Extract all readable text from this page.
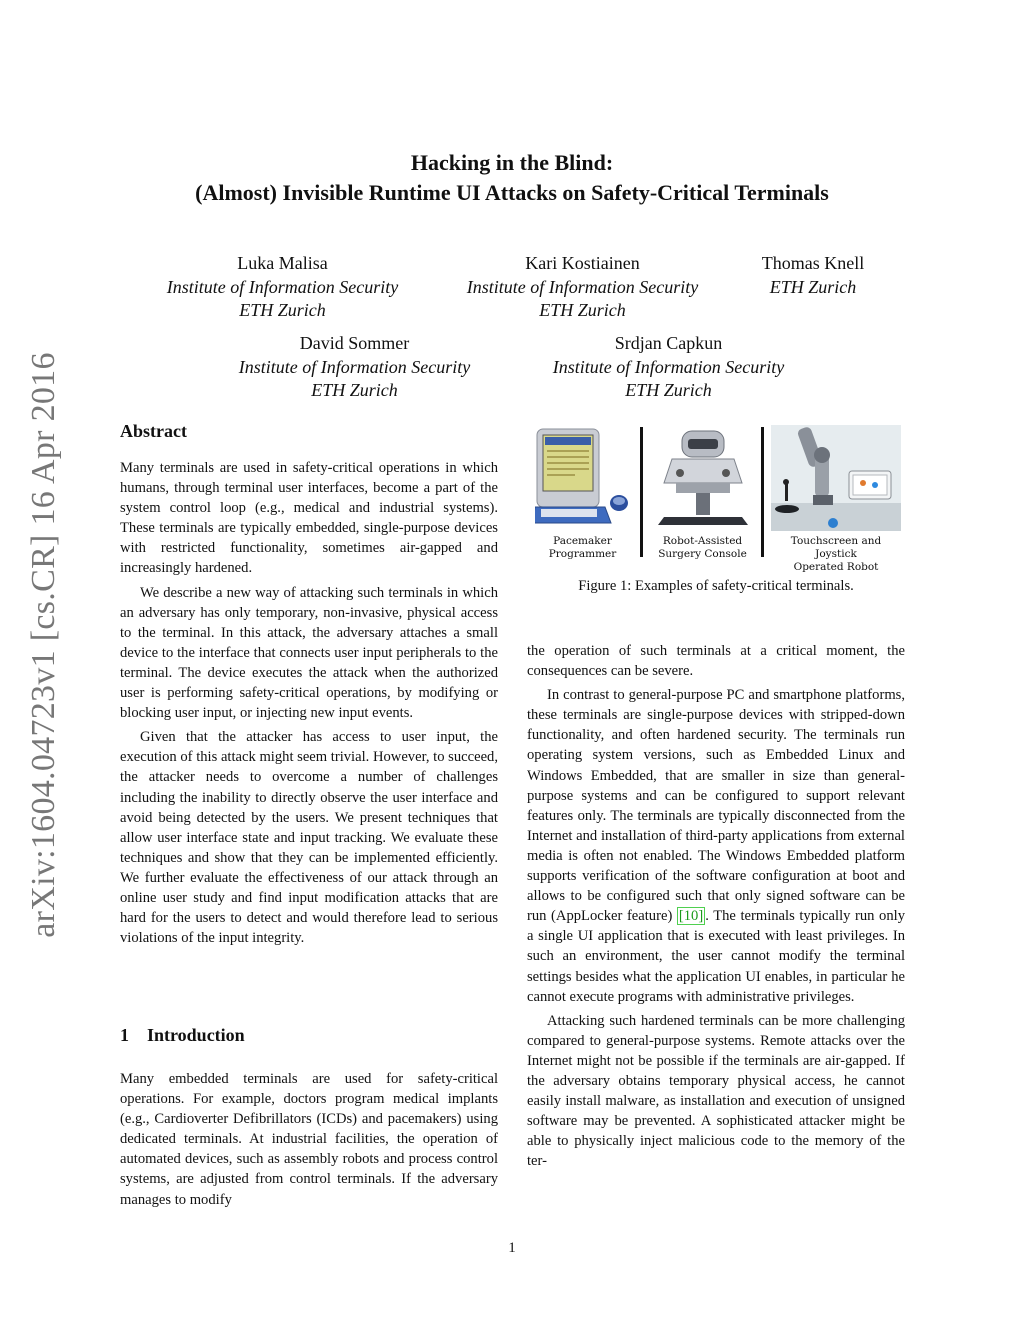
arXiv:1604.04723v1 [cs.CR] 16 Apr 2016
Hacking in the Blind:
(Almost) Invisible Runtime UI Attacks on Safety-Critical Terminals
Luka Malisa
Institute of Information Security
ETH Zurich
Kari Kostiainen
Institute of Information Security
ETH Zurich
Thomas Knell
ETH Zurich
David Sommer
Institute of Information Security
ETH Zurich
Srdjan Capkun
Institute of Information Security
ETH Zurich
Abstract

Many terminals are used in safety-critical operations in which humans, through terminal user interfaces, become a part of the system control loop (e.g., medical and industrial systems). These terminals are typically embedded, single-purpose devices with restricted functionality, sometimes air-gapped and increasingly hardened.

We describe a new way of attacking such terminals in which an adversary has only temporary, non-invasive, physical access to the terminal. In this attack, the adversary attaches a small device to the interface that connects user input peripherals to the terminal. The device executes the attack when the authorized user is performing safety-critical operations, by modifying or blocking user input, or injecting new input events.

Given that the attacker has access to user input, the execution of this attack might seem trivial. However, to succeed, the attacker needs to overcome a number of challenges including the inability to directly observe the user interface and avoid being detected by the users. We present techniques that allow user interface state and input tracking. We evaluate these techniques and show that they can be implemented efficiently. We further evaluate the effectiveness of our attack through an online user study and find input modification attacks that are hard for the users to detect and would therefore lead to serious violations of the input integrity.

1 Introduction

Many embedded terminals are used for safety-critical operations. For example, doctors program medical implants (e.g., Cardioverter Defibrillators (ICDs) and pacemakers) using dedicated terminals. At industrial facilities, the operation of automated devices, such as assembly robots and process control systems, are adjusted from control terminals. If the adversary manages to modify

Pacemaker
Programmer
Robot-Assisted
Surgery Console
Touchscreen and Joystick
Operated Robot
Figure 1: Examples of safety-critical terminals.

the operation of such terminals at a critical moment, the consequences can be severe.

In contrast to general-purpose PC and smartphone platforms, these terminals are single-purpose devices with stripped-down functionality, and often hardened security. The terminals run operating system versions, such as Embedded Linux and Windows Embedded, that are smaller in size than general-purpose systems and can be configured to support relevant features only. The terminals are typically disconnected from the Internet and installation of third-party applications from external media is often not enabled. The Windows Embedded platform supports verification of the software configuration at boot and allows to be configured such that only signed software can be run (AppLocker feature) [10] . The terminals typically run only a single UI application that is executed with least privileges. In such an environment, the user cannot modify the terminal settings besides what the application UI enables, in particular he cannot execute programs with administrative privileges.

Attacking such hardened terminals can be more challenging compared to general-purpose systems. Remote attacks over the Internet might not be possible if the terminals are air-gapped. If the adversary obtains temporary physical access, he cannot easily install malware, as installation and execution of unsigned software may be prevented. A sophisticated attacker might be able to physically inject malicious code to the memory of the ter-

1
